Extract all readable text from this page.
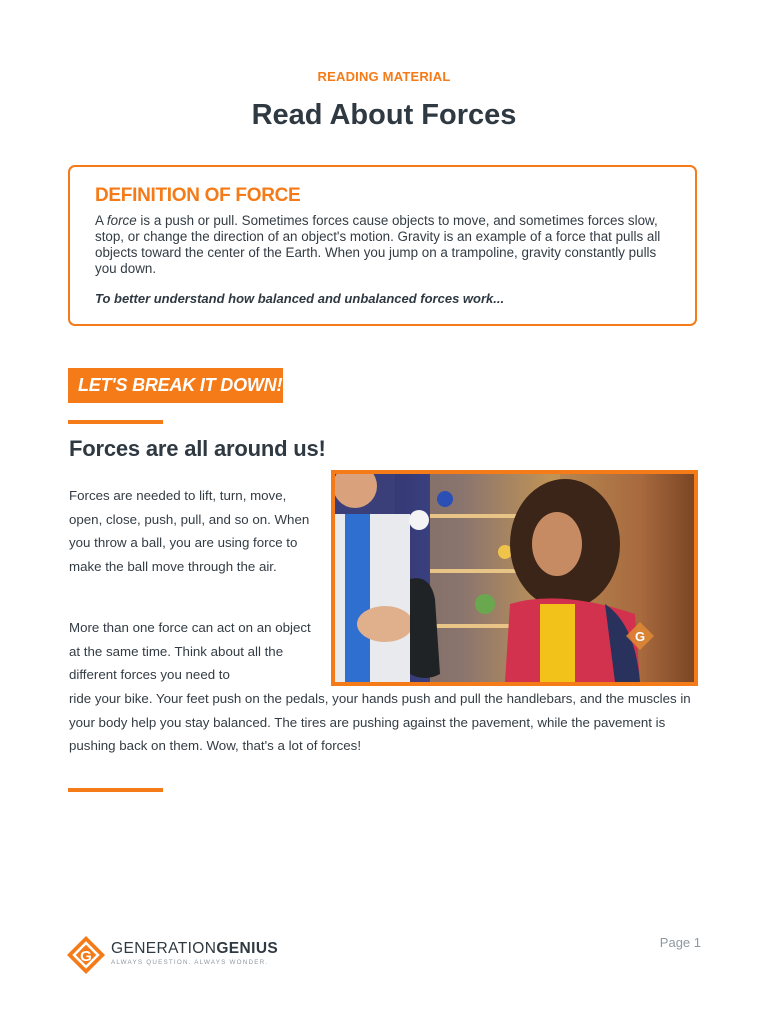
READING MATERIAL
Read About Forces
DEFINITION OF FORCE

A force is a push or pull. Sometimes forces cause objects to move, and sometimes forces slow, stop, or change the direction of an object's motion. Gravity is an example of a force that pulls all objects toward the center of the Earth. When you jump on a trampoline, gravity constantly pulls you down.

To better understand how balanced and unbalanced forces work...

LET'S BREAK IT DOWN!
Forces are all around us!

Forces are needed to lift, turn, move, open, close, push, pull, and so on. When you throw a ball, you are using force to make the ball move through the air.

More than one force can act on an object at the same time. Think about all the different forces you need to

ride your bike. Your feet push on the pedals, your hands push and pull the handlebars, and the muscles in your body help you stay balanced. The tires are pushing against the pavement, while the pavement is pushing back on them. Wow, that's a lot of forces!

G
G GENERATIONGENIUS
ALWAYS QUESTION. ALWAYS WONDER.
Page 1
